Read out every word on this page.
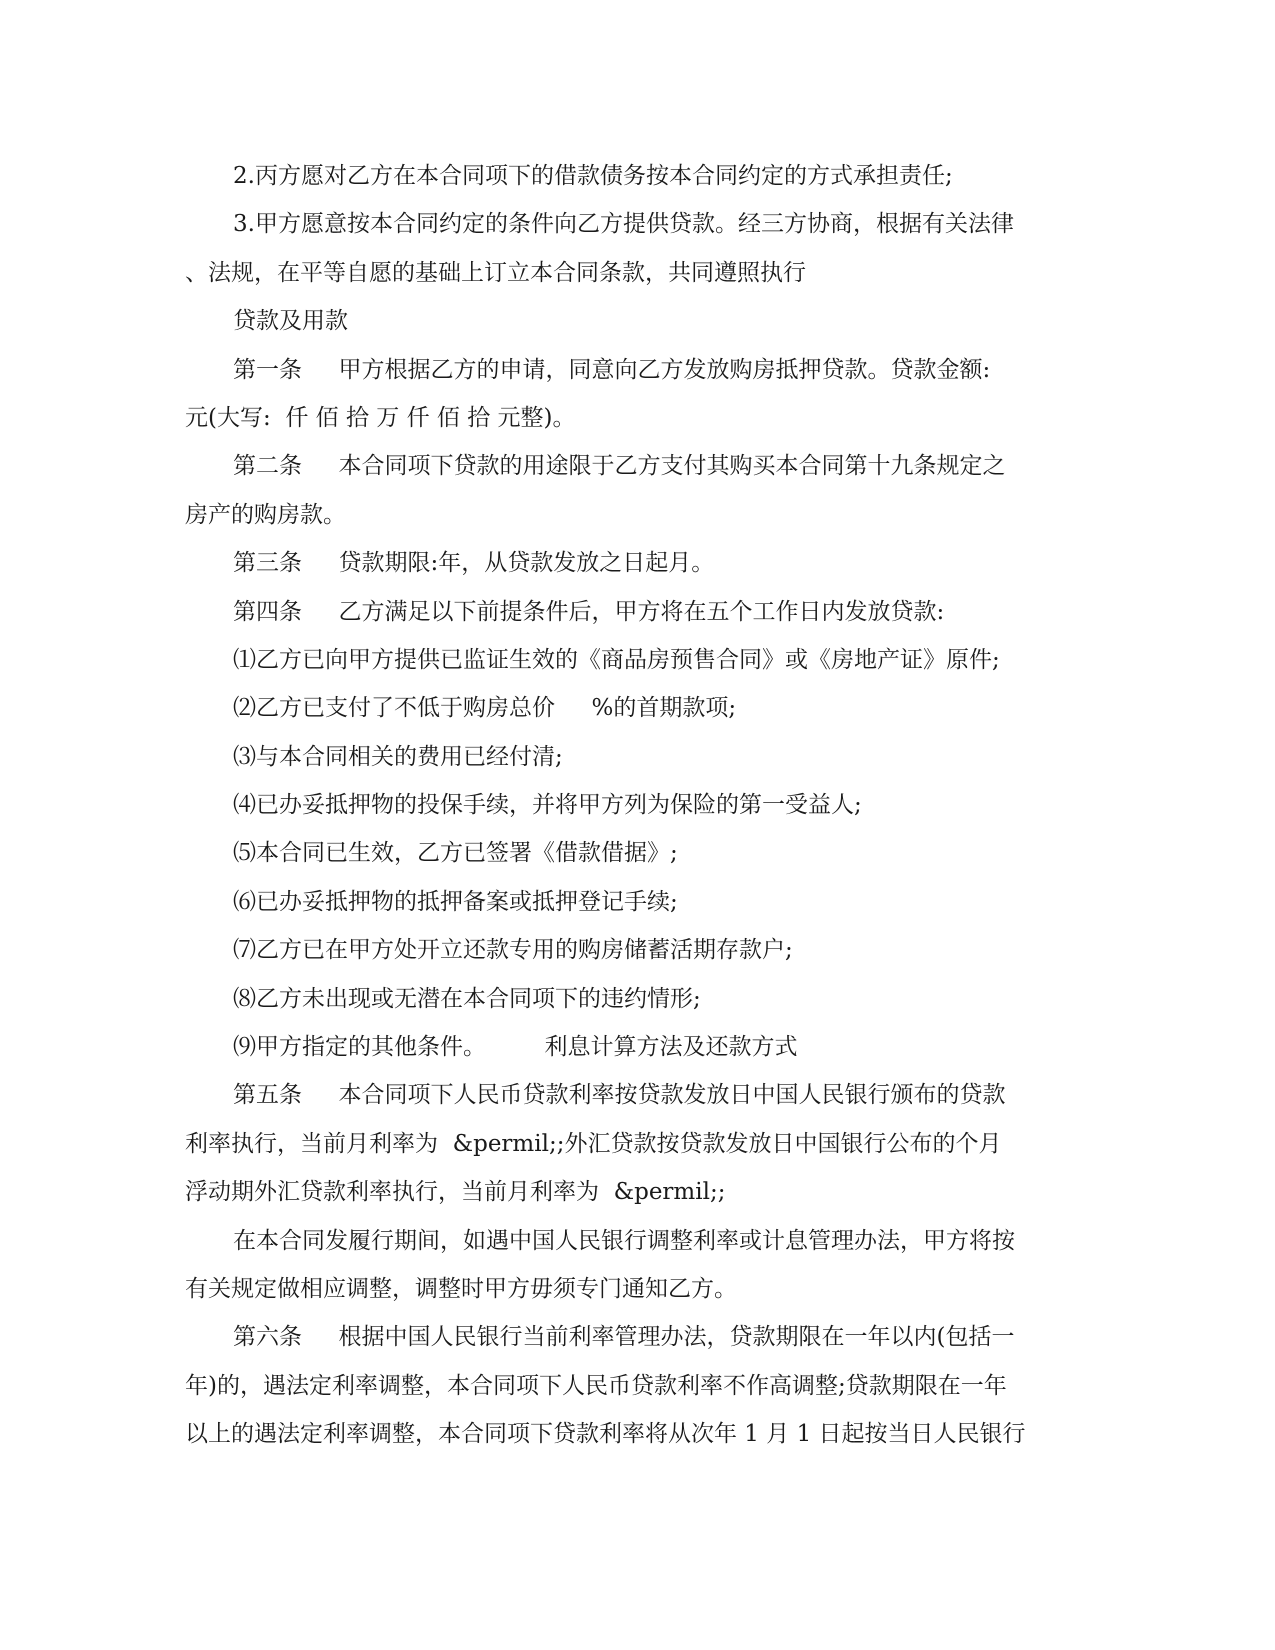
2.丙方愿对乙方在本合同项下的借款债务按本合同约定的方式承担责任;
3.甲方愿意按本合同约定的条件向乙方提供贷款。经三方协商，根据有关法律
、法规，在平等自愿的基础上订立本合同条款，共同遵照执行
贷款及用款
第一条     甲方根据乙方的申请，同意向乙方发放购房抵押贷款。贷款金额:
元(大写:  仟 佰 拾 万 仟 佰 拾 元整)。
第二条     本合同项下贷款的用途限于乙方支付其购买本合同第十九条规定之
房产的购房款。
第三条     贷款期限:年，从贷款发放之日起月。
第四条     乙方满足以下前提条件后，甲方将在五个工作日内发放贷款:
⑴乙方已向甲方提供已监证生效的《商品房预售合同》或《房地产证》原件;
⑵乙方已支付了不低于购房总价     %的首期款项;
⑶与本合同相关的费用已经付清;
⑷已办妥抵押物的投保手续，并将甲方列为保险的第一受益人;
⑸本合同已生效，乙方已签署《借款借据》;
⑹已办妥抵押物的抵押备案或抵押登记手续;
⑺乙方已在甲方处开立还款专用的购房储蓄活期存款户;
⑻乙方未出现或无潜在本合同项下的违约情形;
⑼甲方指定的其他条件。        利息计算方法及还款方式
第五条     本合同项下人民币贷款利率按贷款发放日中国人民银行颁布的贷款
利率执行，当前月利率为  &permil;;外汇贷款按贷款发放日中国银行公布的个月
浮动期外汇贷款利率执行，当前月利率为  &permil;;
在本合同发履行期间，如遇中国人民银行调整利率或计息管理办法，甲方将按
有关规定做相应调整，调整时甲方毋须专门通知乙方。
第六条     根据中国人民银行当前利率管理办法，贷款期限在一年以内(包括一
年)的，遇法定利率调整，本合同项下人民币贷款利率不作高调整;贷款期限在一年
以上的遇法定利率调整，本合同项下贷款利率将从次年 1 月 1 日起按当日人民银行
